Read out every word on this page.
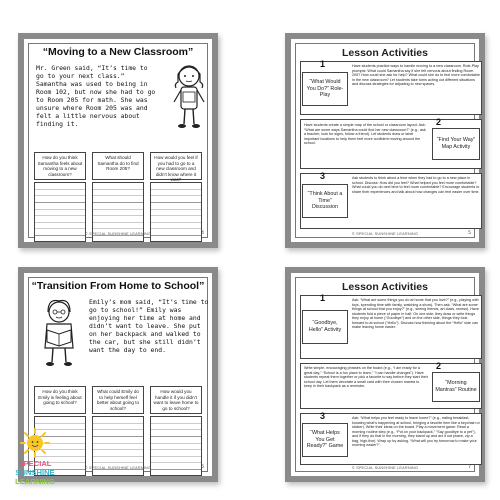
“Moving to a New Classroom”
Mr. Green said, “It’s time to go to your next class.” Samantha was used to being in Room 102, but now she had to go to Room 205 for math. She was unsure where Room 205 was and felt a little nervous about finding it.
How do you think Samantha feels about moving to a new classroom?
What should Samantha do to find Room 205?
How would you feel if you had to go to a new classroom and didn’t know where it was?
© SPECIAL SUNSHINE LEARNING	4
Lesson Activities
1
“What Would You Do?” Role-Play
Have students practice ways to handle moving to a new classroom. Role-Play prompts: What could Samantha say if she felt nervous about finding Room 205? How could she ask for help? What could she do to feel more comfortable in the new classroom? Let students take turns acting out different situations and discuss strategies for adjusting to new spaces.
2
Have students create a simple map of the school or classroom layout. Ask: “What are some ways Samantha could find her new classroom?” (e.g., ask a teacher, look for signs, follow a friend). Let students draw or label important locations to help them feel more confident moving around the school.	“Find Your Way” Map Activity
3
“Think About a Time” Discussion
Ask students to think about a time when they had to go to a new place in school. Discuss: How did you feel? What helped you feel more comfortable? What could you do next time to feel more comfortable? Encourage students to share their experiences and talk about how changes can feel easier over time.
© SPECIAL SUNSHINE LEARNING	5
“Transition From Home to School”
Emily’s mom said, “It’s time to go to school!” Emily was enjoying her time at home and didn’t want to leave. She put on her backpack and walked to the car, but she still didn’t want the day to end.
How do you think Emily is feeling about going to school?
What could Emily do to help herself feel better about going to school?
How would you handle it if you didn’t want to leave home to go to school?
© SPECIAL SUNSHINE LEARNING	6
Lesson Activities
1
“Goodbye, Hello” Activity
Ask: “What are some things you do at home that you love?” (e.g., playing with toys, spending time with family, watching a show). Then ask: “What are some things at school that you enjoy?” (e.g., seeing friends, art class, recess). Have students fold a piece of paper in half. On one side, they draw or write things they enjoy at home (“Goodbye”) and on the other side, things they look forward to at school (“Hello”). Discuss how thinking about the “Hello” side can make leaving home easier.
2
Write simple, encouraging phrases on the board (e.g., “I am ready for a great day,” “School is a fun place to learn,” “I can handle changes”). Have students repeat them together or pick a favorite to say before they start their school day. Let them decorate a small card with their chosen mantra to keep in their backpack as a reminder.	“Morning Mantras” Routine
3
“What Helps You Get Ready?” Game
Ask: “What helps you feel ready to leave home?” (e.g., eating breakfast, knowing what’s happening at school, bringing a favorite item like a keychain or sticker). Write their ideas on the board. Play a movement game: Read a morning routine step (e.g., “Put on your backpack,” “Say goodbye to a pet”), and if they do that in the morning, they stand up and act it out (wave, zip a bag, high-five). Wrap up by asking, “What will you try tomorrow to make your morning easier?”
© SPECIAL SUNSHINE LEARNING	7
SPECIAL
SUNSHINE
LEARNING
